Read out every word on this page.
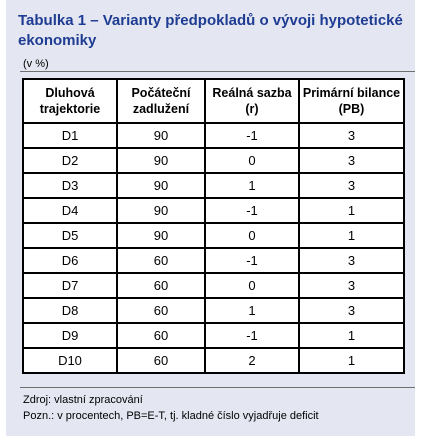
Tabulka 1 – Varianty předpokladů o vývoji hypotetické ekonomiky
(v %)
Dluhová trajektorie	Počáteční zadlužení	Reálná sazba (r)	Primární bilance (PB)
D1	90	-1	3
D2	90	0	3
D3	90	1	3
D4	90	-1	1
D5	90	0	1
D6	60	-1	3
D7	60	0	3
D8	60	1	3
D9	60	-1	1
D10	60	2	1
Zdroj: vlastní zpracování
Pozn.: v procentech, PB=E-T, tj. kladné číslo vyjadřuje deficit
